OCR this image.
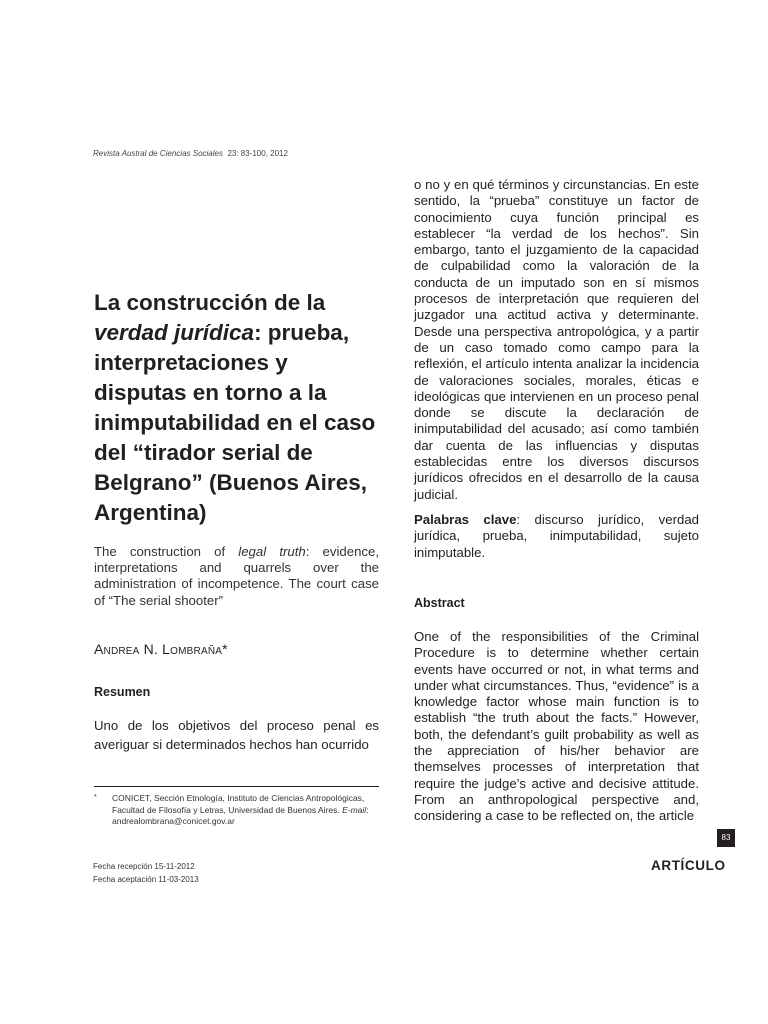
Revista Austral de Ciencias Sociales 23: 83-100, 2012
La construcción de la
verdad jurídica: prueba, interpretaciones y disputas en torno a la inimputabilidad en el caso del “tirador serial de Belgrano” (Buenos Aires, Argentina)
The construction of legal truth: evidence, interpretations and quarrels over the administration of incompetence. The court case of “The serial shooter”
Andrea N. Lombraña*
Resumen
Uno de los objetivos del proceso penal es averiguar si determinados hechos han ocurrido
* CONICET, Sección Etnología, Instituto de Ciencias Antropológicas, Facultad de Filosofía y Letras, Universidad de Buenos Aires. E-mail: andrealombrana@conicet.gov.ar
Fecha recepción 15-11-2012
Fecha aceptación 11-03-2013
o no y en qué términos y circunstancias. En este sentido, la “prueba” constituye un factor de conocimiento cuya función principal es establecer “la verdad de los hechos”. Sin embargo, tanto el juzgamiento de la capacidad de culpabilidad como la valoración de la conducta de un imputado son en sí mismos procesos de interpretación que requieren del juzgador una actitud activa y determinante. Desde una perspectiva antropológica, y a partir de un caso tomado como campo para la reflexión, el artículo intenta analizar la incidencia de valoraciones sociales, morales, éticas e ideológicas que intervienen en un proceso penal donde se discute la declaración de inimputabilidad del acusado; así como también dar cuenta de las influencias y disputas establecidas entre los diversos discursos jurídicos ofrecidos en el desarrollo de la causa judicial.
Palabras clave: discurso jurídico, verdad jurídica, prueba, inimputabilidad, sujeto inimputable.
Abstract
One of the responsibilities of the Criminal Procedure is to determine whether certain events have occurred or not, in what terms and under what circumstances. Thus, “evidence” is a knowledge factor whose main function is to establish “the truth about the facts.” However, both, the defendant’s guilt probability as well as the appreciation of his/her behavior are themselves processes of interpretation that require the judge’s active and decisive attitude. From an anthropological perspective and, considering a case to be reflected on, the article
83
ARTÍCULO
